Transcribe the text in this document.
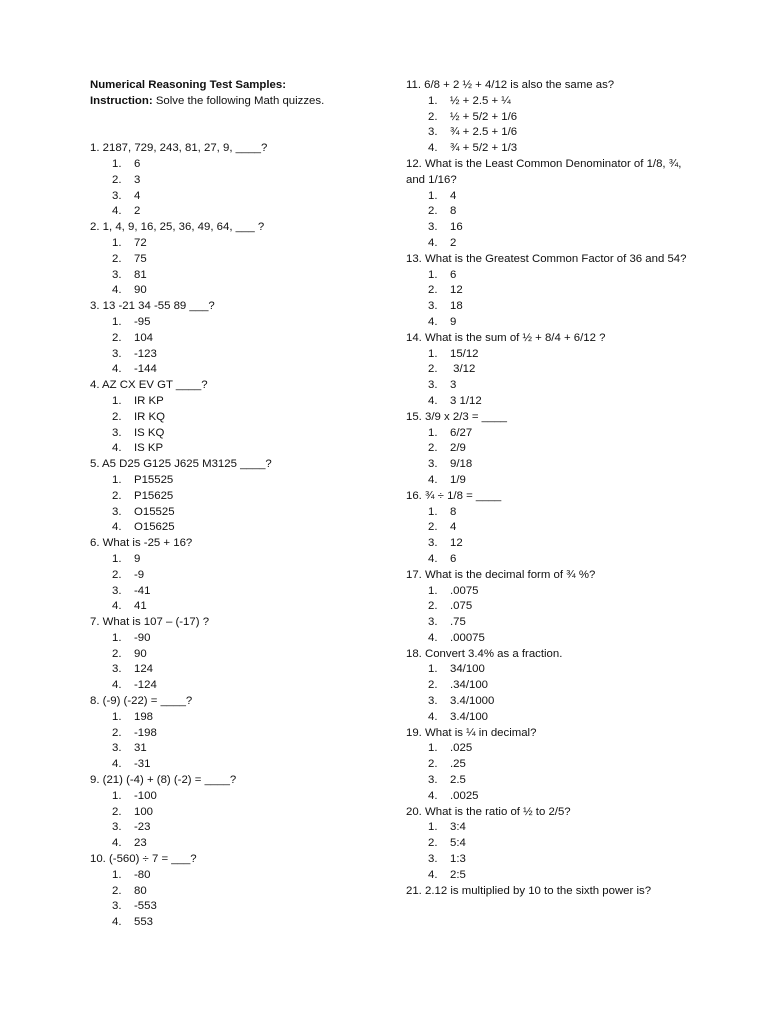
Numerical Reasoning Test Samples:
Instruction: Solve the following Math quizzes.
1. 2187, 729, 243, 81, 27, 9, ____?
1. 6
2. 3
3. 4
4. 2
2. 1, 4, 9, 16, 25, 36, 49, 64, ___ ?
1. 72
2. 75
3. 81
4. 90
3. 13 -21 34 -55 89 ___?
1. -95
2. 104
3. -123
4. -144
4. AZ CX EV GT ____?
1. IR KP
2. IR KQ
3. IS KQ
4. IS KP
5. A5 D25 G125 J625 M3125 ____?
1. P15525
2. P15625
3. O15525
4. O15625
6. What is -25 + 16?
1. 9
2. -9
3. -41
4. 41
7. What is 107 – (-17) ?
1. -90
2. 90
3. 124
4. -124
8. (-9) (-22) = ____?
1. 198
2. -198
3. 31
4. -31
9. (21) (-4) + (8) (-2) = ____?
1. -100
2. 100
3. -23
4. 23
10. (-560) ÷ 7 = ___?
1. -80
2. 80
3. -553
4. 553
11. 6/8 + 2 ½ + 4/12 is also the same as?
1. ½ + 2.5 + ¼
2. ½ + 5/2 + 1/6
3. ¾ + 2.5 + 1/6
4. ¾ + 5/2 + 1/3
12. What is the Least Common Denominator of 1/8, ¾, and 1/16?
1. 4
2. 8
3. 16
4. 2
13. What is the Greatest Common Factor of 36 and 54?
1. 6
2. 12
3. 18
4. 9
14. What is the sum of ½ + 8/4 + 6/12 ?
1. 15/12
2. 3/12
3. 3
4. 3 1/12
15. 3/9 x 2/3 = ____
1. 6/27
2. 2/9
3. 9/18
4. 1/9
16. ¾ ÷ 1/8 = ____
1. 8
2. 4
3. 12
4. 6
17. What is the decimal form of ¾ %?
1. .0075
2. .075
3. .75
4. .00075
18. Convert 3.4% as a fraction.
1. 34/100
2. .34/100
3. 3.4/1000
4. 3.4/100
19. What is ¼ in decimal?
1. .025
2. .25
3. 2.5
4. .0025
20. What is the ratio of ½ to 2/5?
1. 3:4
2. 5:4
3. 1:3
4. 2:5
21. 2.12 is multiplied by 10 to the sixth power is?
